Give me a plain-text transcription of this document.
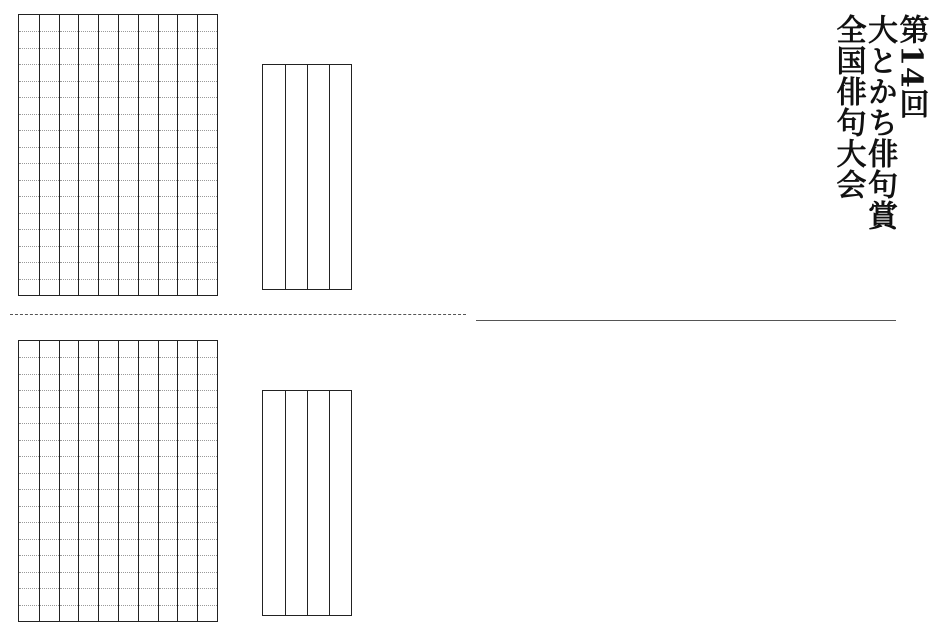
第14回
大とかち俳句賞
全国俳句大会
